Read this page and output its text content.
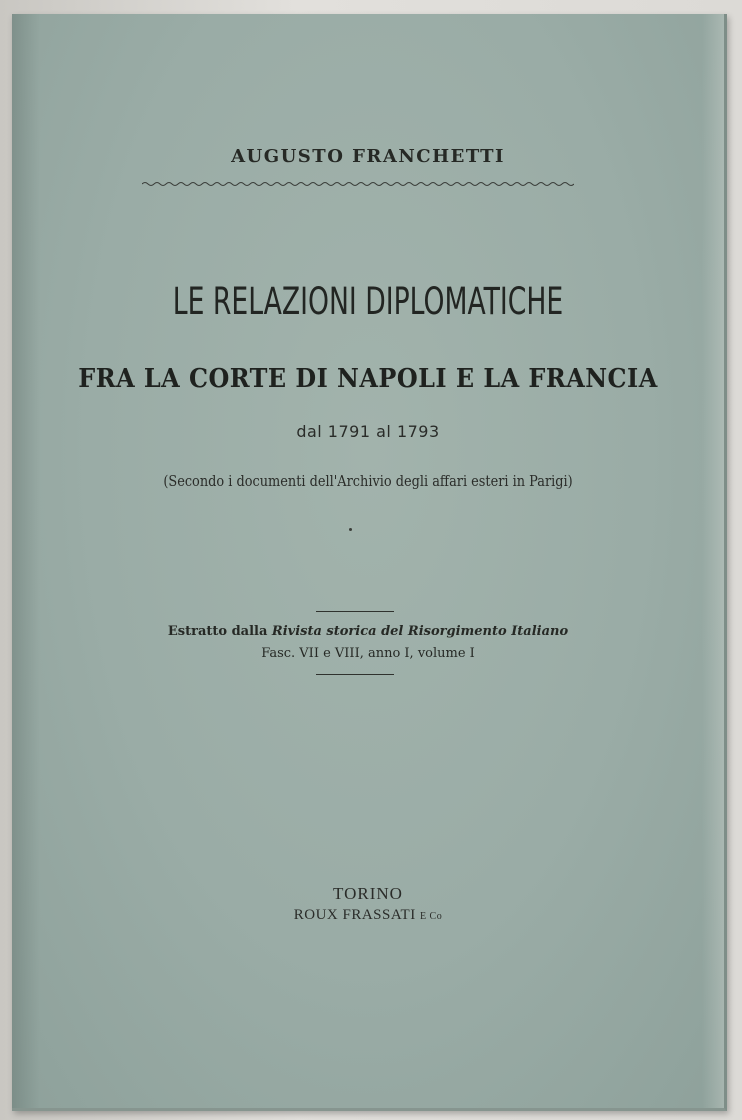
AUGUSTO FRANCHETTI
LE RELAZIONI DIPLOMATICHE
FRA LA CORTE DI NAPOLI E LA FRANCIA
dal 1791 al 1793
(Secondo i documenti dell'Archivio degli affari esteri in Parigi)
Estratto dalla Rivista storica del Risorgimento Italiano
Fasc. VII e VIII, anno I, volume I
TORINO
ROUX FRASSATI E Co
